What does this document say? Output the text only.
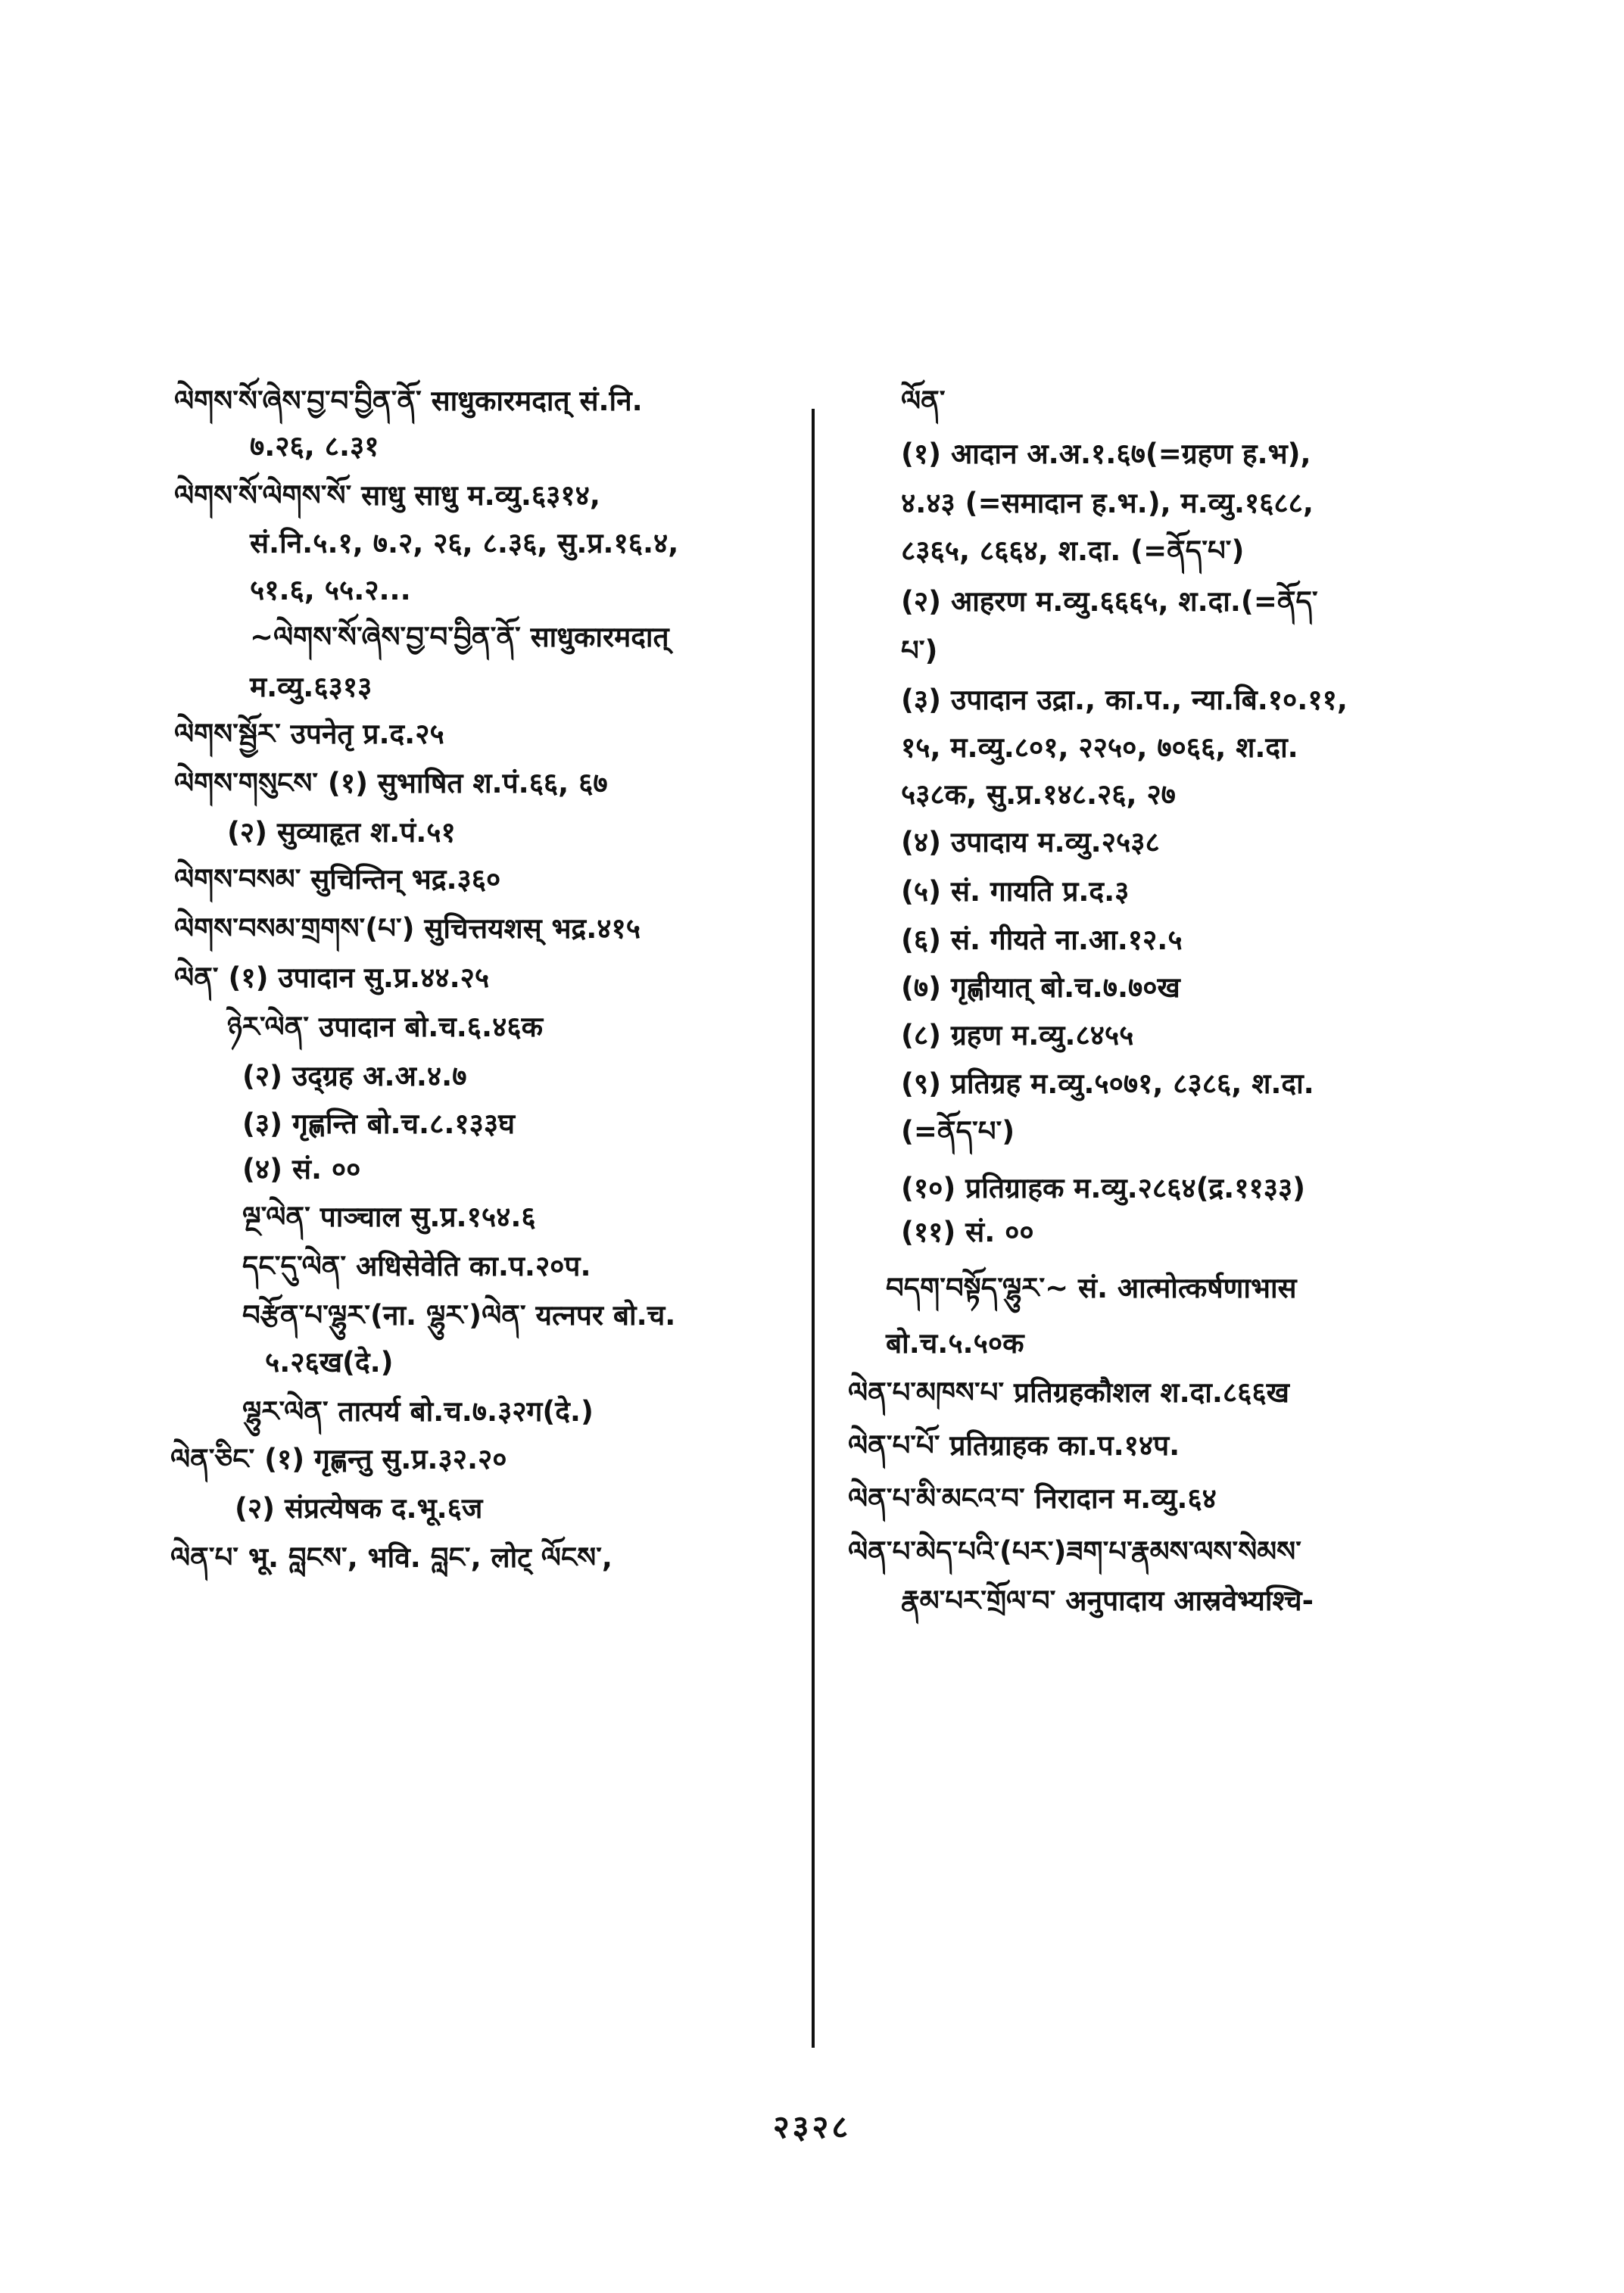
ལེགས་སོ་ཞེས་བྱ་བ་བྱིན་ནོ་ साधुकारमदात् सं.नि.
७.२६, ८.३१
ལེགས་སོ་ལེགས་སོ་ साधु साधु म.व्यु.६३१४,
सं.नि.५.१, ७.२, २६, ८.३६, सु.प्र.१६.४,
५१.६, ५५.२...
~ལེགས་སོ་ཞེས་བྱ་བ་བྱིན་ནོ་ साधुकारमदात्
म.व्यु.६३१३
ལེགས་སྦྱོར་ उपनेतृ प्र.द.२५
ལེགས་གསུངས་ (१) सुभाषित श.पं.६६, ६७
(२) सुव्याहृत श.पं.५१
ལེགས་བསམ་ सुचिन्तिन् भद्र.३६०
ལེགས་བསམ་གྲགས་(པ་) सुचित्तयशस् भद्र.४१५
ལེན་ (१) उपादान सु.प्र.४४.२५
ཉེར་ལེན་ उपादान बो.च.६.४६क
(२) उद्ग्रह अ.अ.४.७
(३) गृह्णन्ति बो.च.८.१३३घ
(४) सं. ००
ལྔ་ལེན་ पाञ्चाल सु.प्र.१५४.६
དང་དུ་ལེན་ अधिसेवेति का.प.२०प.
བརྩོན་པ་ལྷུར་(ना. ལྷུར་)ལེན་ यत्नपर बो.च.
५.२६ख(दे.)
ལྷུར་ལེན་ तात्पर्य बो.च.७.३२ग(दे.)
ལེན་ཅིང་ (१) गृह्णन्तु सु.प्र.३२.२०
(२) संप्रत्येषक द.भू.६ज
ལེན་པ་ भू. བླངས་, भवि. བླང་, लोट् ལོངས་,
ལོན་
(१) आदान अ.अ.१.६७(=ग्रहण ह.भ),
४.४३ (=समादान ह.भ.), म.व्यु.१६८८,
८३६५, ८६६४, श.दा. (=ནོད་པ་)
(२) आहरण म.व्यु.६६६५, श.दा.(=ནོད་
པ་)
(३) उपादान उद्रा., का.प., न्या.बि.१०.११,
१५, म.व्यु.८०१, २२५०, ७०६६, श.दा.
५३८क, सु.प्र.१४८.२६, २७
(४) उपादाय म.व्यु.२५३८
(५) सं. गायति प्र.द.३
(६) सं. गीयते ना.आ.१२.५
(७) गृह्णीयात् बो.च.७.७०ख
(८) ग्रहण म.व्यु.८४५५
(९) प्रतिग्रह म.व्यु.५०७१, ८३८६, श.दा.
(=ནོད་པ་)
(१०) प्रतिग्राहक म.व्यु.२८६४(द्र.११३३)
(११) सं. ००
བདག་བསྟོད་ལྷུར་~ सं. आत्मोत्कर्षणाभास
बो.च.५.५०क
ལེན་པ་མཁས་པ་ प्रतिग्रहकौशल श.दा.८६६ख
ལེན་པ་པོ་ प्रतिग्राहक का.प.१४प.
ལེན་པ་མི་མངའ་བ་ निरादान म.व्यु.६४
ལེན་པ་མེད་པའི་(པར་)ཟག་པ་རྣམས་ལས་སེམས་
རྣམ་པར་གྲོལ་བ་ अनुपादाय आस्रवेभ्यश्चि-
२३२८
